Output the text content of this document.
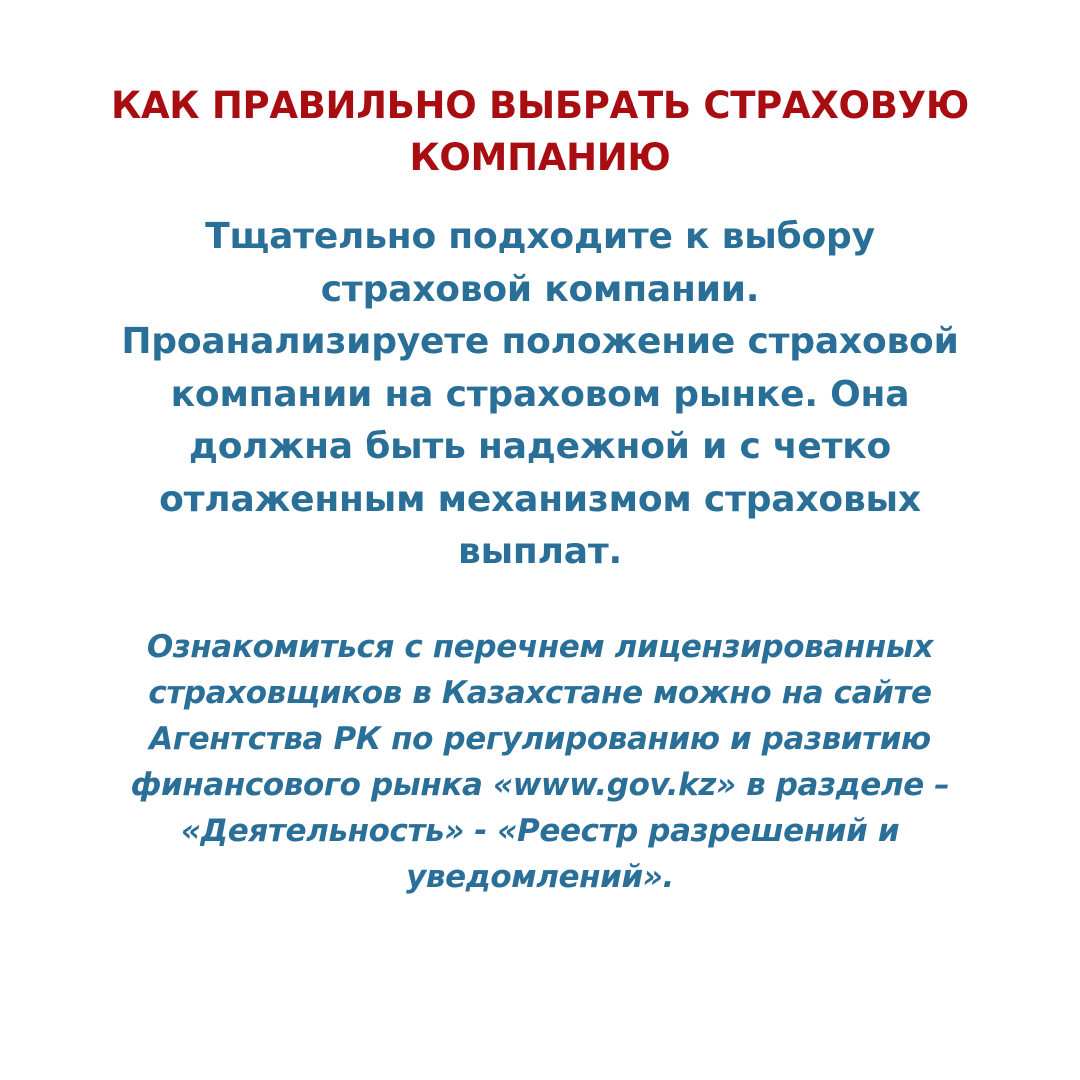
КАК ПРАВИЛЬНО ВЫБРАТЬ СТРАХОВУЮ
КОМПАНИЮ

Тщательно подходите к выбору
страховой компании.
Проанализируете положение страховой
компании на страховом рынке. Она
должна быть надежной и с четко
отлаженным механизмом страховых
выплат.

Ознакомиться с перечнем лицензированных
страховщиков в Казахстане можно на сайте
Агентства РК по регулированию и развитию
финансового рынка «www.gov.kz» в разделе –
«Деятельность» - «Реестр разрешений и
уведомлений».
